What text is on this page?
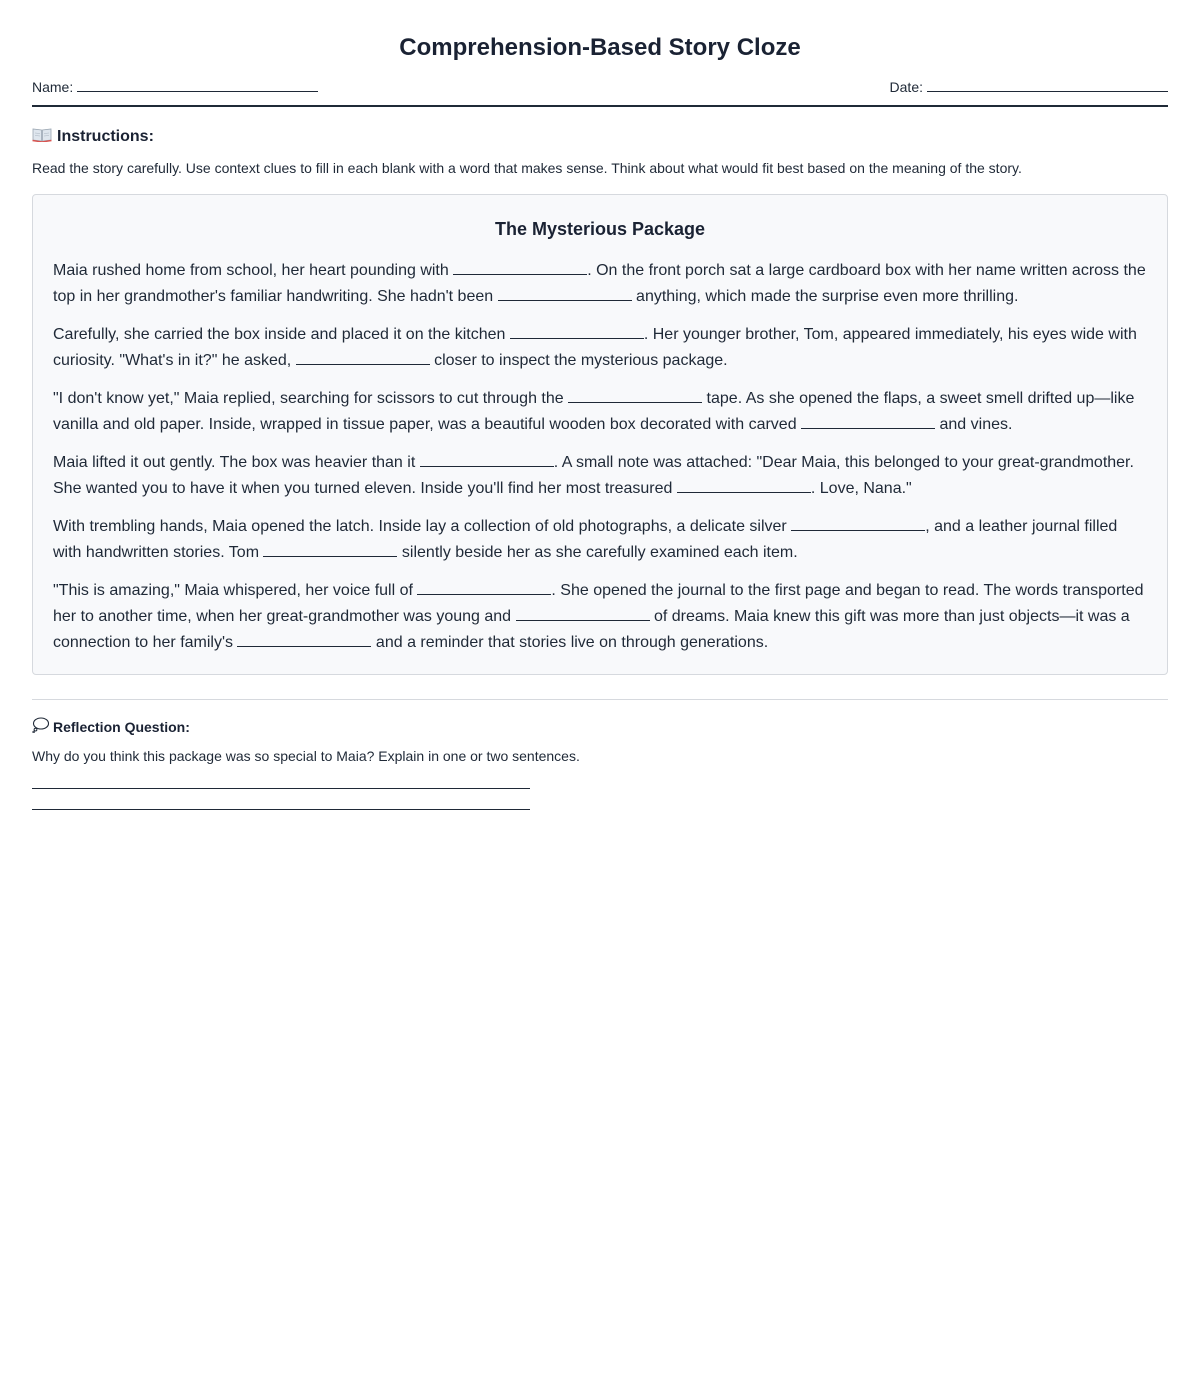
Comprehension-Based Story Cloze
Name:	Date:
Instructions:
Read the story carefully. Use context clues to fill in each blank with a word that makes sense. Think about what would fit best based on the meaning of the story.
The Mysterious Package

Maia rushed home from school, her heart pounding with	. On the front porch sat a large cardboard box with her name written across the top in her grandmother's familiar handwriting. She hadn't been	anything, which made the surprise even more thrilling.

Carefully, she carried the box inside and placed it on the kitchen	. Her younger brother, Tom, appeared immediately, his eyes wide with curiosity. "What's in it?" he asked,	closer to inspect the mysterious package.

"I don't know yet," Maia replied, searching for scissors to cut through the	tape. As she opened the flaps, a sweet smell drifted up—like vanilla and old paper. Inside, wrapped in tissue paper, was a beautiful wooden box decorated with carved	and vines.

Maia lifted it out gently. The box was heavier than it	. A small note was attached: "Dear Maia, this belonged to your great-grandmother. She wanted you to have it when you turned eleven. Inside you'll find her most treasured	. Love, Nana."

With trembling hands, Maia opened the latch. Inside lay a collection of old photographs, a delicate silver	, and a leather journal filled with handwritten stories. Tom	silently beside her as she carefully examined each item.

"This is amazing," Maia whispered, her voice full of	. She opened the journal to the first page and began to read. The words transported her to another time, when her great-grandmother was young and	of dreams. Maia knew this gift was more than just objects—it was a connection to her family's	and a reminder that stories live on through generations.

Reflection Question:
Why do you think this package was so special to Maia? Explain in one or two sentences.
